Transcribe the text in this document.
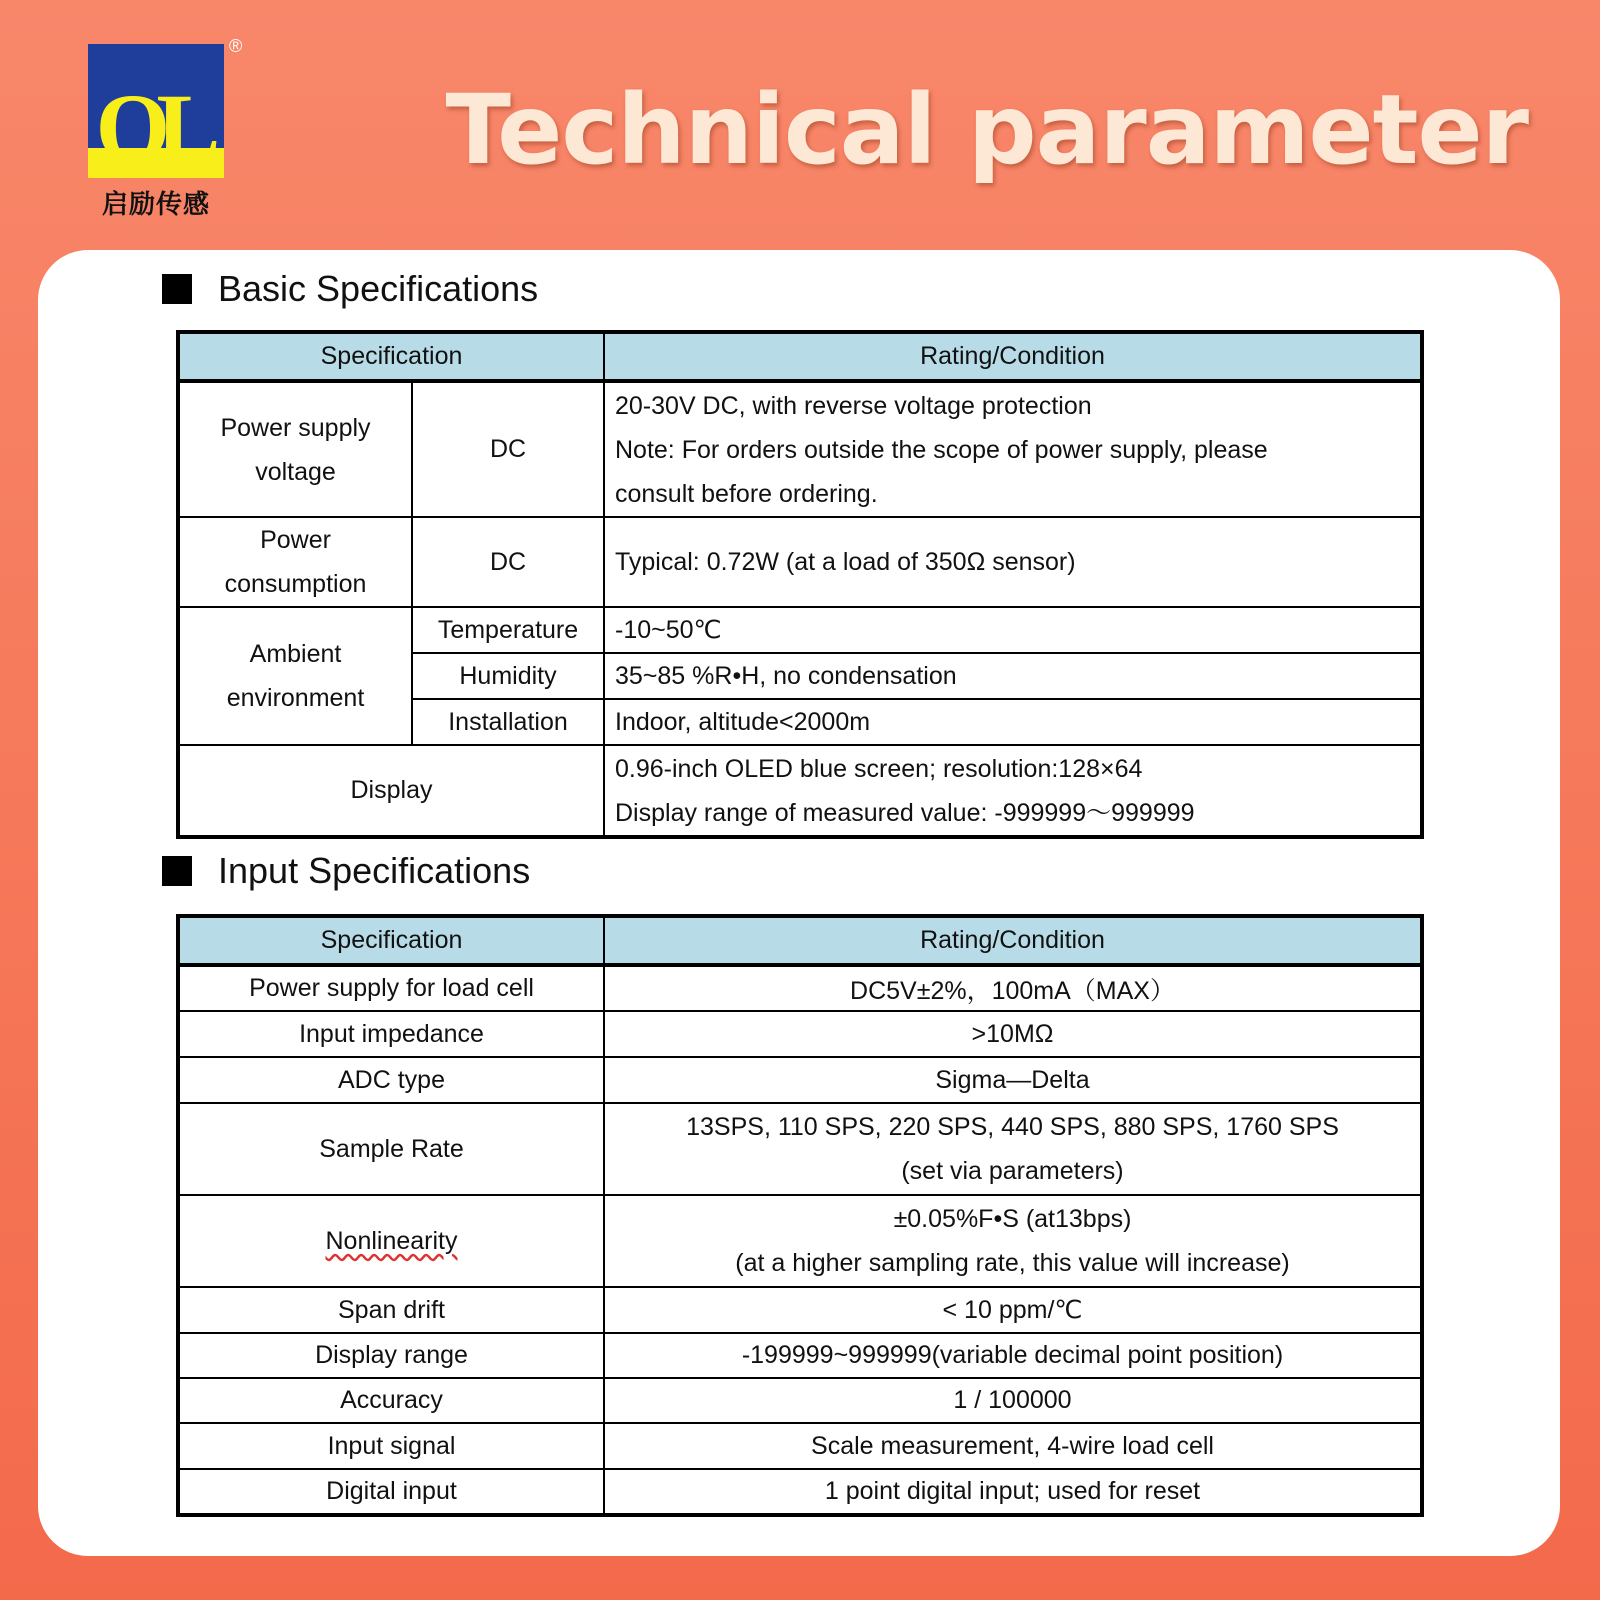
QL
启励传感
®
Technical parameter
Basic Specifications
Specification		Rating/Condition
Power supply
voltage	DC	20-30V DC, with reverse voltage protection
Note: For orders outside the scope of power supply, please
consult before ordering.
Power
consumption	DC	Typical: 0.72W (at a load of 350Ω sensor)
Ambient
environment	Temperature	-10~50℃
	Humidity	35~85 %R•H, no condensation
	Installation	Indoor, altitude<2000m
Display		0.96-inch OLED blue screen; resolution:128×64
Display range of measured value: -999999～999999
Input Specifications
Specification	Rating/Condition
Power supply for load cell	DC5V±2%，100mA（MAX）
Input impedance	>10MΩ
ADC type	Sigma—Delta
Sample Rate	13SPS, 110 SPS, 220 SPS, 440 SPS, 880 SPS, 1760 SPS
(set via parameters)
Nonlinearity	±0.05%F•S (at13bps)
(at a higher sampling rate, this value will increase)
Span drift	< 10 ppm/℃
Display range	-199999~999999(variable decimal point position)
Accuracy	1 / 100000
Input signal	Scale measurement, 4-wire load cell
Digital input	1 point digital input; used for reset
